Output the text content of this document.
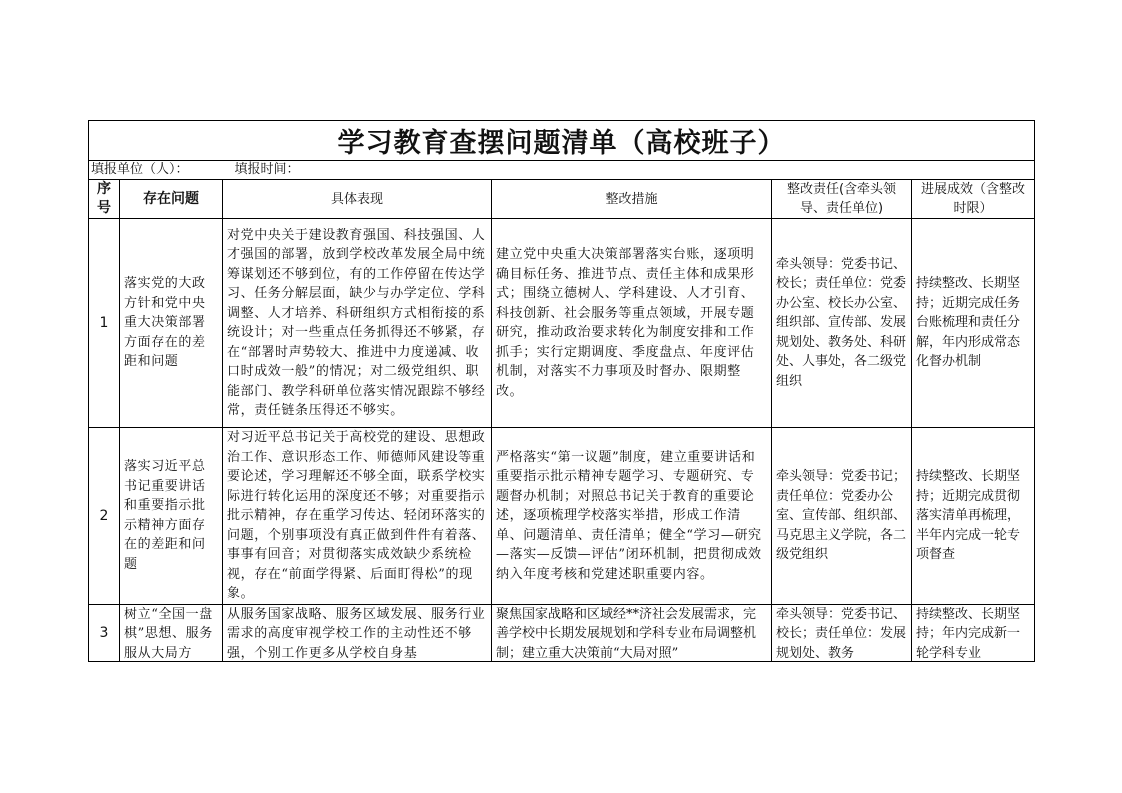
学习教育查摆问题清单（高校班子）					
填报单位（人）： 填报时间：					
序号	存在问题	具体表现	整改措施	整改责任(含牵头领导、责任单位)	进展成效（含整改时限）
1	落实党的大政方针和党中央重大决策部署方面存在的差距和问题	对党中央关于建设教育强国、科技强国、人才强国的部署，放到学校改革发展全局中统筹谋划还不够到位，有的工作停留在传达学习、任务分解层面，缺少与办学定位、学科调整、人才培养、科研组织方式相衔接的系统设计；对一些重点任务抓得还不够紧，存在“部署时声势较大、推进中力度递减、收口时成效一般”的情况；对二级党组织、职能部门、教学科研单位落实情况跟踪不够经常，责任链条压得还不够实。	建立党中央重大决策部署落实台账，逐项明确目标任务、推进节点、责任主体和成果形式；围绕立德树人、学科建设、人才引育、科技创新、社会服务等重点领域，开展专题研究，推动政治要求转化为制度安排和工作抓手；实行定期调度、季度盘点、年度评估机制，对落实不力事项及时督办、限期整改。	牵头领导：党委书记、校长；责任单位：党委办公室、校长办公室、组织部、宣传部、发展规划处、教务处、科研处、人事处，各二级党组织	持续整改、长期坚持；近期完成任务台账梳理和责任分解，年内形成常态化督办机制
2	落实习近平总书记重要讲话和重要指示批示精神方面存在的差距和问题	对习近平总书记关于高校党的建设、思想政治工作、意识形态工作、师德师风建设等重要论述，学习理解还不够全面，联系学校实际进行转化运用的深度还不够；对重要指示批示精神，存在重学习传达、轻闭环落实的问题，个别事项没有真正做到件件有着落、事事有回音；对贯彻落实成效缺少系统检视，存在“前面学得紧、后面盯得松”的现象。	严格落实“第一议题”制度，建立重要讲话和重要指示批示精神专题学习、专题研究、专题督办机制；对照总书记关于教育的重要论述，逐项梳理学校落实举措，形成工作清单、问题清单、责任清单；健全“学习—研究—落实—反馈—评估”闭环机制，把贯彻成效纳入年度考核和党建述职重要内容。	牵头领导：党委书记；责任单位：党委办公室、宣传部、组织部、马克思主义学院，各二级党组织	持续整改、长期坚持；近期完成贯彻落实清单再梳理，半年内完成一轮专项督查
3	树立“全国一盘棋”思想、服务服从大局方	从服务国家战略、服务区域发展、服务行业需求的高度审视学校工作的主动性还不够强，个别工作更多从学校自身基	聚焦国家战略和区域经**济社会发展需求，完善学校中长期发展规划和学科专业布局调整机制；建立重大决策前“大局对照”	牵头领导：党委书记、校长；责任单位：发展规划处、教务	持续整改、长期坚持；年内完成新一轮学科专业
